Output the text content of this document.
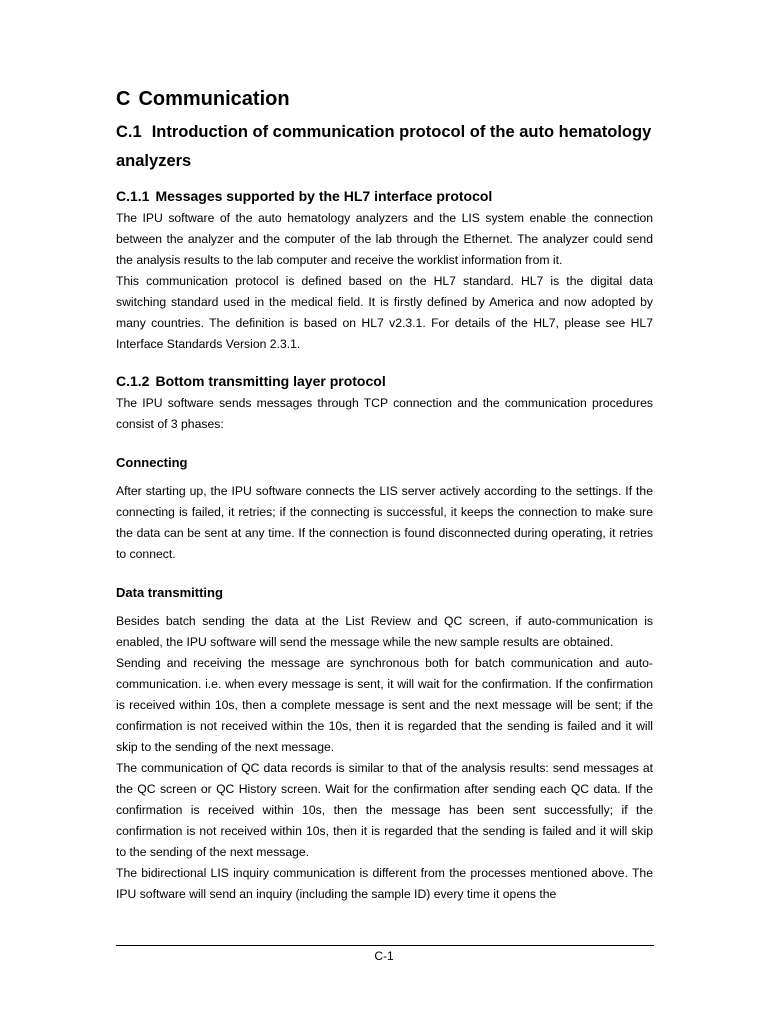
C Communication
C.1 Introduction of communication protocol of the auto hematology analyzers
C.1.1 Messages supported by the HL7 interface protocol

The IPU software of the auto hematology analyzers and the LIS system enable the connection between the analyzer and the computer of the lab through the Ethernet. The analyzer could send the analysis results to the lab computer and receive the worklist information from it.

This communication protocol is defined based on the HL7 standard. HL7 is the digital data switching standard used in the medical field. It is firstly defined by America and now adopted by many countries. The definition is based on HL7 v2.3.1. For details of the HL7, please see HL7 Interface Standards Version 2.3.1.

C.1.2 Bottom transmitting layer protocol

The IPU software sends messages through TCP connection and the communication procedures consist of 3 phases:

Connecting

After starting up, the IPU software connects the LIS server actively according to the settings. If the connecting is failed, it retries; if the connecting is successful, it keeps the connection to make sure the data can be sent at any time. If the connection is found disconnected during operating, it retries to connect.

Data transmitting

Besides batch sending the data at the List Review and QC screen, if auto-communication is enabled, the IPU software will send the message while the new sample results are obtained.

Sending and receiving the message are synchronous both for batch communication and auto-communication. i.e. when every message is sent, it will wait for the confirmation. If the confirmation is received within 10s, then a complete message is sent and the next message will be sent; if the confirmation is not received within the 10s, then it is regarded that the sending is failed and it will skip to the sending of the next message.

The communication of QC data records is similar to that of the analysis results: send messages at the QC screen or QC History screen. Wait for the confirmation after sending each QC data. If the confirmation is received within 10s, then the message has been sent successfully; if the confirmation is not received within 10s, then it is regarded that the sending is failed and it will skip to the sending of the next message.

The bidirectional LIS inquiry communication is different from the processes mentioned above. The IPU software will send an inquiry (including the sample ID) every time it opens the

C-1
